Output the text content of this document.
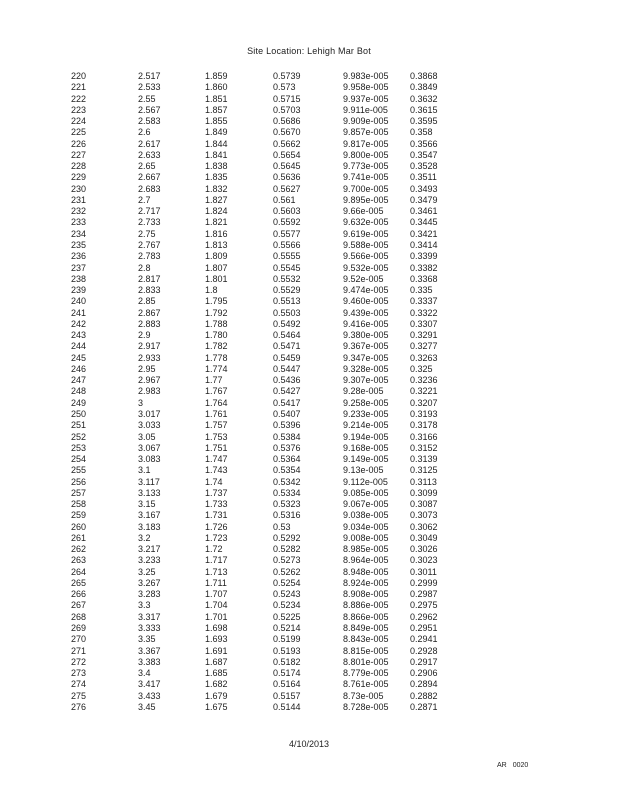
Site Location: Lehigh Mar Bot
220	2.517	1.859	0.5739	9.983e-005 0.3868
221	2.533	1.860	0.573	9.958e-005 0.3849
222	2.55	1.851	0.5715	9.937e-005 0.3632
223	2.567	1.857	0.5703	9.911e-005 0.3615
224	2.583	1.855	0.5686	9.909e-005 0.3595
225	2.6	1.849	0.5670	9.857e-005 0.358
226	2.617	1.844	0.5662	9.817e-005 0.3566
227	2.633	1.841	0.5654	9.800e-005 0.3547
228	2.65	1.838	0.5645	9.773e-005 0.3528
229	2.667	1.835	0.5636	9.741e-005 0.3511
230	2.683	1.832	0.5627	9.700e-005 0.3493
231	2.7	1.827	0.561	9.895e-005 0.3479
232	2.717	1.824	0.5603	9.66e-005	0.3461
233	2.733	1.821	0.5592	9.632e-005 0.3445
234	2.75	1.816	0.5577	9.619e-005 0.3421
235	2.767	1.813	0.5566	9.588e-005 0.3414
236	2.783	1.809	0.5555	9.566e-005 0.3399
237	2.8	1.807	0.5545	9.532e-005 0.3382
238	2.817	1.801	0.5532	9.52e-005	0.3368
239	2.833	1.8	0.5529	9.474e-005 0.335
240	2.85	1.795	0.5513	9.460e-005 0.3337
241	2.867	1.792	0.5503	9.439e-005 0.3322
242	2.883	1.788	0.5492	9.416e-005 0.3307
243	2.9	1.780	0.5464	9.380e-005 0.3291
244	2.917	1.782	0.5471	9.367e-005 0.3277
245	2.933	1.778	0.5459	9.347e-005 0.3263
246	2.95	1.774	0.5447	9.328e-005 0.325
247	2.967	1.77	0.5436	9.307e-005 0.3236
248	2.983	1.767	0.5427	9.28e-005	0.3221
249	3	1.764	0.5417	9.258e-005 0.3207
250	3.017	1.761	0.5407	9.233e-005 0.3193
251	3.033	1.757	0.5396	9.214e-005 0.3178
252	3.05	1.753	0.5384	9.194e-005 0.3166
253	3.067	1.751	0.5376	9.168e-005 0.3152
254	3.083	1.747	0.5364	9.149e-005 0.3139
255	3.1	1.743	0.5354	9.13e-005	0.3125
256	3.117	1.74	0.5342	9.112e-005 0.3113
257	3.133	1.737	0.5334	9.085e-005 0.3099
258	3.15	1.733	0.5323	9.067e-005 0.3087
259	3.167	1.731	0.5316	9.038e-005 0.3073
260	3.183	1.726	0.53	9.034e-005 0.3062
261	3.2	1.723	0.5292	9.008e-005 0.3049
262	3.217	1.72	0.5282	8.985e-005 0.3026
263	3.233	1.717	0.5273	8.964e-005 0.3023
264	3.25	1.713	0.5262	8.948e-005 0.3011
265	3.267	1.711	0.5254	8.924e-005 0.2999
266	3.283	1.707	0.5243	8.908e-005 0.2987
267	3.3	1.704	0.5234	8.886e-005 0.2975
268	3.317	1.701	0.5225	8.866e-005 0.2962
269	3.333	1.698	0.5214	8.849e-005 0.2951
270	3.35	1.693	0.5199	8.843e-005 0.2941
271	3.367	1.691	0.5193	8.815e-005 0.2928
272	3.383	1.687	0.5182	8.801e-005 0.2917
273	3.4	1.685	0.5174	8.779e-005 0.2906
274	3.417	1.682	0.5164	8.761e-005 0.2894
275	3.433	1.679	0.5157	8.73e-005	0.2882
276	3.45	1.675	0.5144	8.728e-005 0.2871
4/10/2013
AR 0020
